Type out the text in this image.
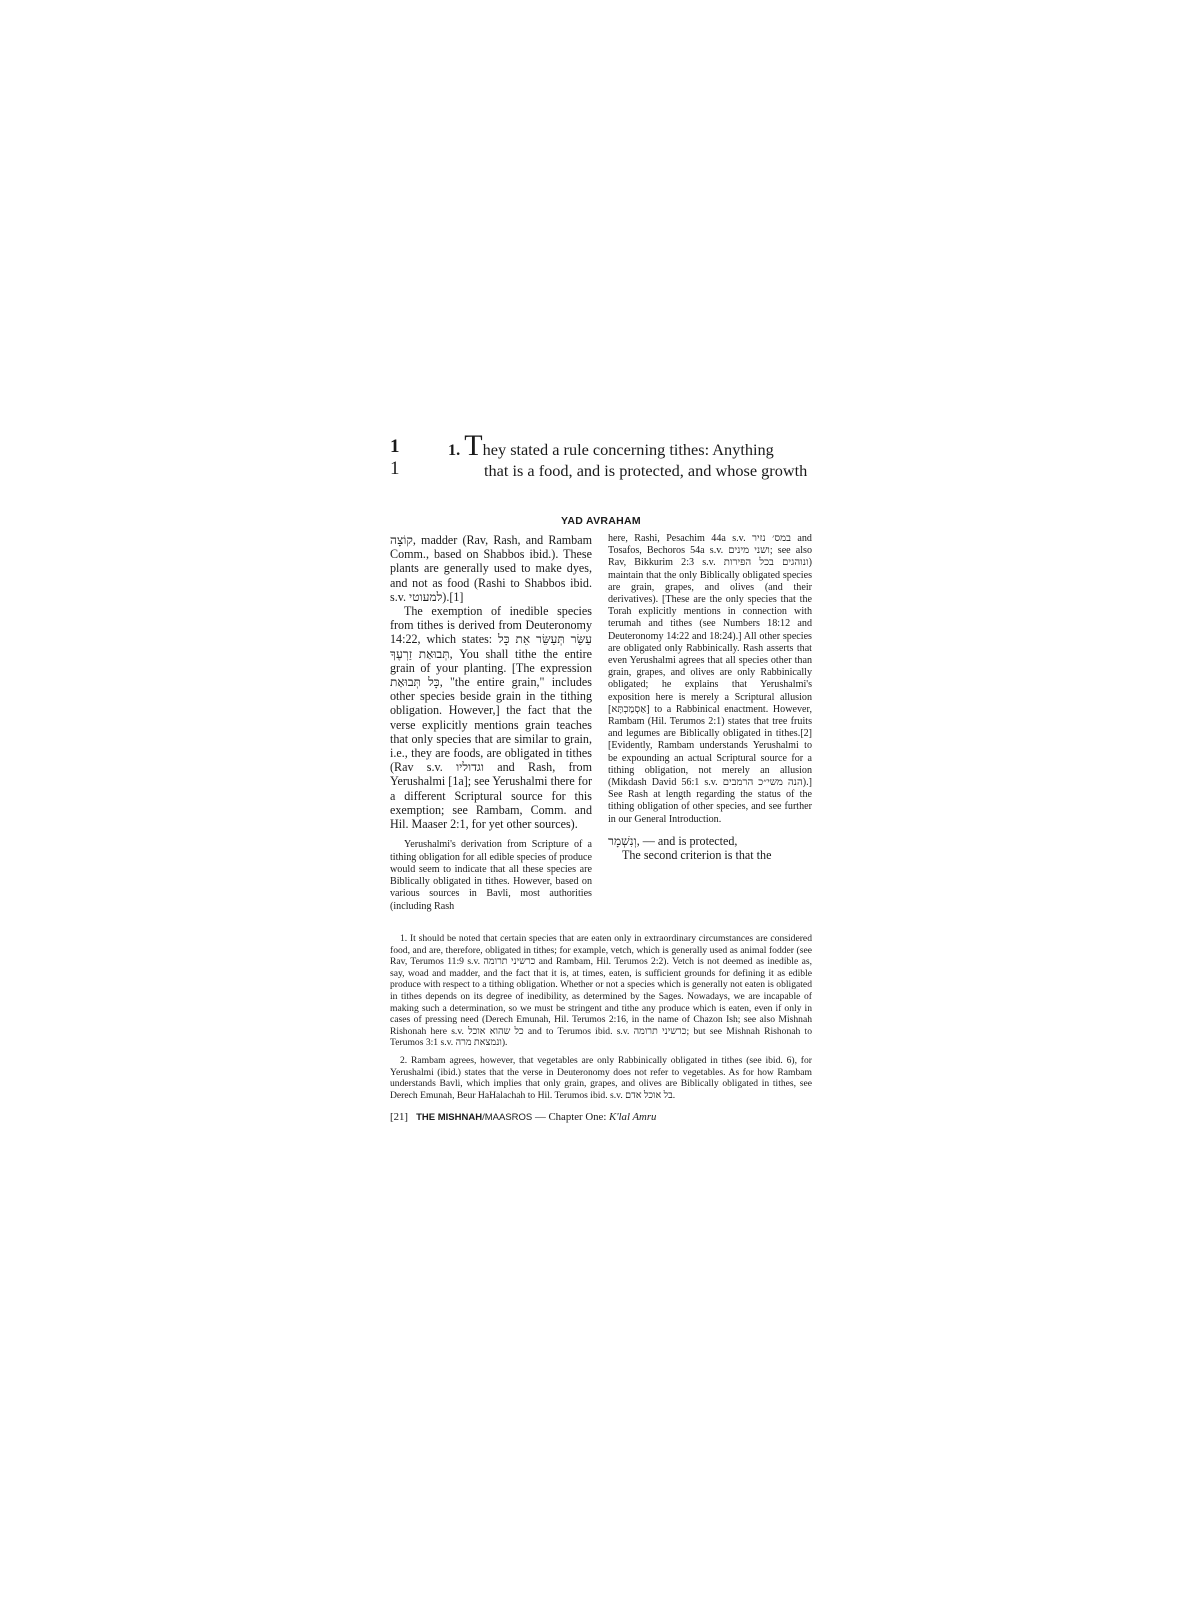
1
1
1. They stated a rule concerning tithes: Anything
that is a food, and is protected, and whose growth
YAD AVRAHAM

קוֹצָה, madder (Rav, Rash, and Rambam Comm., based on Shabbos ibid.). These plants are generally used to make dyes, and not as food (Rashi to Shabbos ibid. s.v. למעוטי).[1]

The exemption of inedible species from tithes is derived from Deuteronomy 14:22, which states: עַשֵּׂר תְּעַשֵּׂר אֵת כָּל תְּבוּאַת זַרְעֶךָ, You shall tithe the entire grain of your planting. [The expression כָּל תְּבוּאַת, "the entire grain," includes other species beside grain in the tithing obligation. However,] the fact that the verse explicitly mentions grain teaches that only species that are similar to grain, i.e., they are foods, are obligated in tithes (Rav s.v. וגדוליו and Rash, from Yerushalmi [1a]; see Yerushalmi there for a different Scriptural source for this exemption; see Rambam, Comm. and Hil. Maaser 2:1, for yet other sources).

Yerushalmi's derivation from Scripture of a tithing obligation for all edible species of produce would seem to indicate that all these species are Biblically obligated in tithes. However, based on various sources in Bavli, most authorities (including Rash

here, Rashi, Pesachim 44a s.v. במס׳ נזיר and Tosafos, Bechoros 54a s.v. ושני מינים; see also Rav, Bikkurim 2:3 s.v. ונוהגים בכל הפירות) maintain that the only Biblically obligated species are grain, grapes, and olives (and their derivatives). [These are the only species that the Torah explicitly mentions in connection with terumah and tithes (see Numbers 18:12 and Deuteronomy 14:22 and 18:24).] All other species are obligated only Rabbinically. Rash asserts that even Yerushalmi agrees that all species other than grain, grapes, and olives are only Rabbinically obligated; he explains that Yerushalmi's exposition here is merely a Scriptural allusion [אַסְמַכְתָּא] to a Rabbinical enactment. However, Rambam (Hil. Terumos 2:1) states that tree fruits and legumes are Biblically obligated in tithes.[2] [Evidently, Rambam understands Yerushalmi to be expounding an actual Scriptural source for a tithing obligation, not merely an allusion (Mikdash David 56:1 s.v. הנה משי״כ הרמבים).] See Rash at length regarding the status of the tithing obligation of other species, and see further in our General Introduction.

וְנִשְׁמָר, — and is protected,

The second criterion is that the

1. It should be noted that certain species that are eaten only in extraordinary circumstances are considered food, and are, therefore, obligated in tithes; for example, vetch, which is generally used as animal fodder (see Rav, Terumos 11:9 s.v. כרשיני תרומה and Rambam, Hil. Terumos 2:2). Vetch is not deemed as inedible as, say, woad and madder, and the fact that it is, at times, eaten, is sufficient grounds for defining it as edible produce with respect to a tithing obligation. Whether or not a species which is generally not eaten is obligated in tithes depends on its degree of inedibility, as determined by the Sages. Nowadays, we are incapable of making such a determination, so we must be stringent and tithe any produce which is eaten, even if only in cases of pressing need (Derech Emunah, Hil. Terumos 2:16, in the name of Chazon Ish; see also Mishnah Rishonah here s.v. כל שהוא אוכל and to Terumos ibid. s.v. כרשיני תרומה; but see Mishnah Rishonah to Terumos 3:1 s.v. ונמצאת מרה).

2. Rambam agrees, however, that vegetables are only Rabbinically obligated in tithes (see ibid. 6), for Yerushalmi (ibid.) states that the verse in Deuteronomy does not refer to vegetables. As for how Rambam understands Bavli, which implies that only grain, grapes, and olives are Biblically obligated in tithes, see Derech Emunah, Beur HaHalachah to Hil. Terumos ibid. s.v. בל אוכל אדם.

[21] THE MISHNAH/MAASROS — Chapter One: K'lal Amru
